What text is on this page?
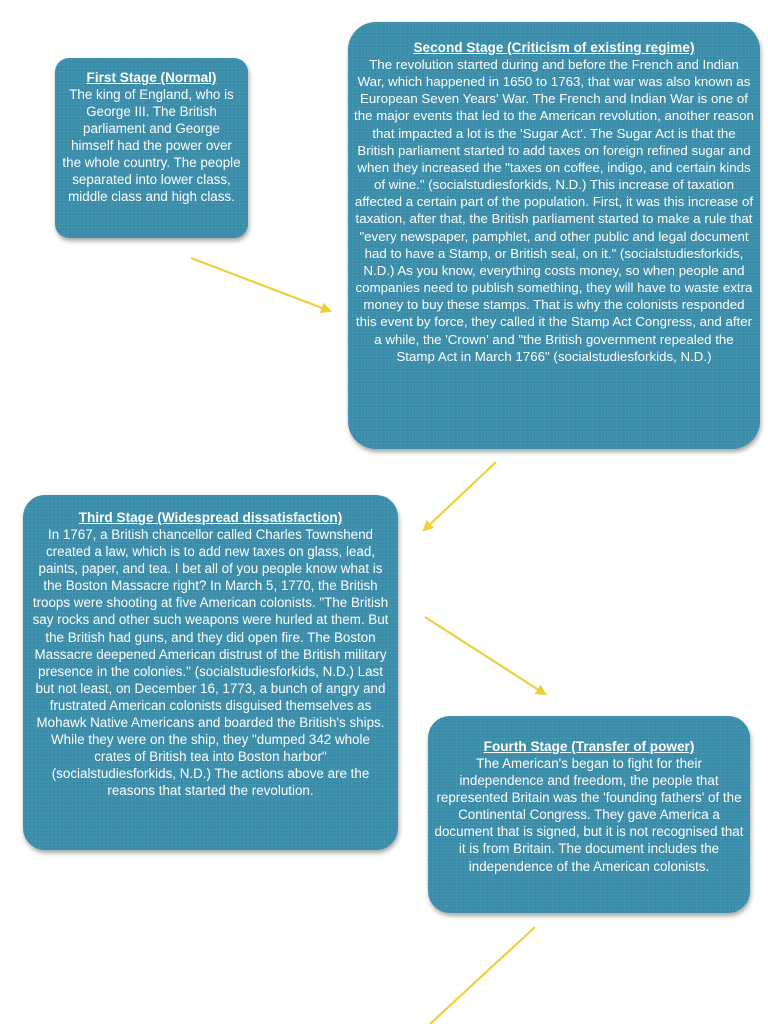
First Stage (Normal)
The king of England, who is George III. The British parliament and George himself had the power over the whole country. The people separated into lower class, middle class and high class.
Second Stage (Criticism of existing regime)
The revolution started during and before the French and Indian War, which happened in 1650 to 1763, that war was also known as European Seven Years' War. The French and Indian War is one of the major events that led to the American revolution, another reason that impacted a lot is the 'Sugar Act'. The Sugar Act is that the British parliament started to add taxes on foreign refined sugar and when they increased the "taxes on coffee, indigo, and certain kinds of wine." (socialstudiesforkids, N.D.) This increase of taxation affected a certain part of the population. First, it was this increase of taxation, after that, the British parliament started to make a rule that "every newspaper, pamphlet, and other public and legal document had to have a Stamp, or British seal, on it." (socialstudiesforkids, N.D.) As you know, everything costs money, so when people and companies need to publish something, they will have to waste extra money to buy these stamps. That is why the colonists responded this event by force, they called it the Stamp Act Congress, and after a while, the 'Crown' and "the British government repealed the Stamp Act in March 1766" (socialstudiesforkids, N.D.)
Third Stage (Widespread dissatisfaction)
In 1767, a British chancellor called Charles Townshend created a law, which is to add new taxes on glass, lead, paints, paper, and tea. I bet all of you people know what is the Boston Massacre right? In March 5, 1770, the British troops were shooting at five American colonists. "The British say rocks and other such weapons were hurled at them. But the British had guns, and they did open fire. The Boston Massacre deepened American distrust of the British military presence in the colonies." (socialstudiesforkids, N.D.) Last but not least, on December 16, 1773, a bunch of angry and frustrated American colonists disguised themselves as Mohawk Native Americans and boarded the British's ships. While they were on the ship, they "dumped 342 whole crates of British tea into Boston harbor" (socialstudiesforkids, N.D.) The actions above are the reasons that started the revolution.
Fourth Stage (Transfer of power)
The American's began to fight for their independence and freedom, the people that represented Britain was the 'founding fathers' of the Continental Congress. They gave America a document that is signed, but it is not recognised that it is from Britain. The document includes the independence of the American colonists.
